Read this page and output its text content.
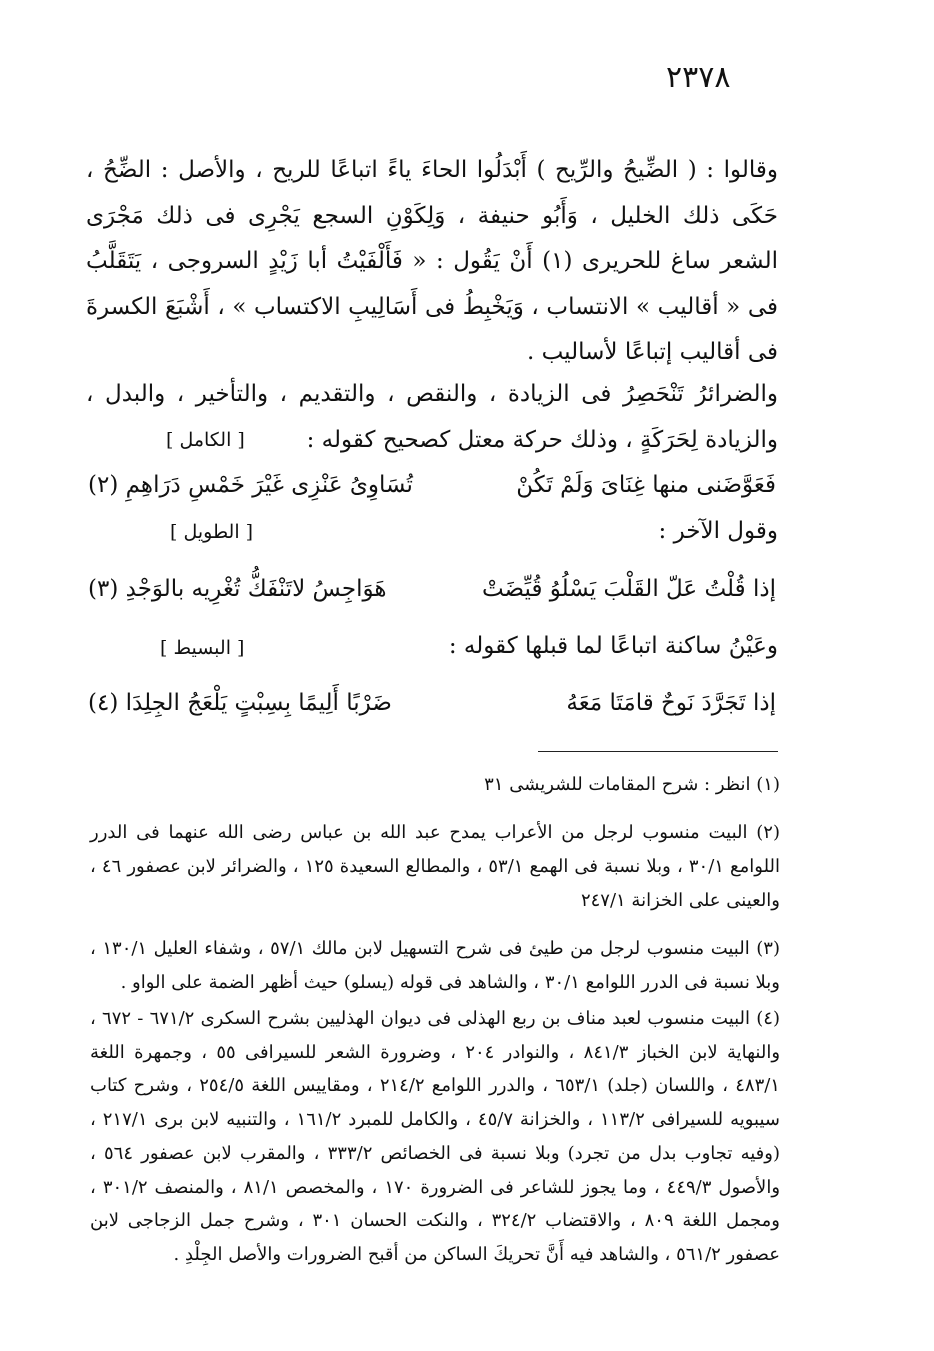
٢٣٧٨

وقالوا : ( الضِّيحُ والرِّيح ) أَبْدَلُوا الحاءَ ياءً اتباعًا للريح ، والأصل : الضِّحُ ، حَكَى ذلك الخليل ، وَأَبُو حنيفة ، وَلِكَوْنِ السجع يَجْرِى فى ذلك مَجْرَى الشعر ساغ للحريرى (١) أَنْ يَقُول : « فَأَلْفَيْتُ أبا زَيْدٍ السروجى ، يَتَقَلَّبُ فى « أقاليب » الانتساب ، وَيَخْبِطُ فى أَسَالِيبِ الاكتساب » ، أَشْبَعَ الكسرةَ فى أقاليب إتباعًا لأساليب .

والضرائرُ تَنْحَصِرُ فى الزيادة ، والنقص ، والتقديم ، والتأخير ، والبدل ، والزيادة لِحَرَكَةٍ ، وذلك حركة معتل كصحيح كقوله :

[ الكامل ]
فَعَوَّضَنى منها غِنَاىَ وَلَمْ تَكُنْ
تُسَاوِىُ عَنْزِى غَيْرَ خَمْسِ دَرَاهِمِ (٢)
وقول الآخر :
[ الطويل ]
إذا قُلْتُ عَلّ القَلْبَ يَسْلُوُ قُيِّضَتْ
هَوَاجِسُ لاتَنْفَكُّ تُغْرِيه بالوَجْدِ (٣)
وعَيْنُ ساكنة اتباعًا لما قبلها كقوله :
[ البسيط ]
إذا تَجَرَّدَ نَوحٌ قامَتَا مَعَهُ
ضَرْبًا أَلِيمًا بِسِبْتٍ يَلْعَجُ الجِلِدَا (٤)

(١) انظر : شرح المقامات للشريشى ٣١

(٢) البيت منسوب لرجل من الأعراب يمدح عبد الله بن عباس رضى الله عنهما فى الدرر اللوامع ٣٠/١ ، وبلا نسبة فى الهمع ٥٣/١ ، والمطالع السعيدة ١٢٥ ، والضرائر لابن عصفور ٤٦ ، والعينى على الخزانة ٢٤٧/١

(٣) البيت منسوب لرجل من طيئ فى شرح التسهيل لابن مالك ٥٧/١ ، وشفاء العليل ١٣٠/١ ، وبلا نسبة فى الدرر اللوامع ٣٠/١ ، والشاهد فى قوله (يسلو) حيث أظهر الضمة على الواو .

(٤) البيت منسوب لعبد مناف بن ربع الهذلى فى ديوان الهذليين بشرح السكرى ٦٧١/٢ - ٦٧٢ ، والنهاية لابن الخباز ٨٤١/٣ ، والنوادر ٢٠٤ ، وضرورة الشعر للسيرافى ٥٥ ، وجمهرة اللغة ٤٨٣/١ ، واللسان (جلد) ٦٥٣/١ ، والدرر اللوامع ٢١٤/٢ ، ومقاييس اللغة ٢٥٤/٥ ، وشرح كتاب سيبويه للسيرافى ١١٣/٢ ، والخزانة ٤٥/٧ ، والكامل للمبرد ١٦١/٢ ، والتنبيه لابن برى ٢١٧/١ ، (وفيه تجاوب بدل من تجرد) وبلا نسبة فى الخصائص ٣٣٣/٢ ، والمقرب لابن عصفور ٥٦٤ ، والأصول ٤٤٩/٣ ، وما يجوز للشاعر فى الضرورة ١٧٠ ، والمخصص ٨١/١ ، والمنصف ٣٠١/٢ ، ومجمل اللغة ٨٠٩ ، والاقتضاب ٣٢٤/٢ ، والنكت الحسان ٣٠١ ، وشرح جمل الزجاجى لابن عصفور ٥٦١/٢ ، والشاهد فيه أَنَّ تحريكَ الساكن من أقبح الضرورات والأصل الجِلْدِ .
